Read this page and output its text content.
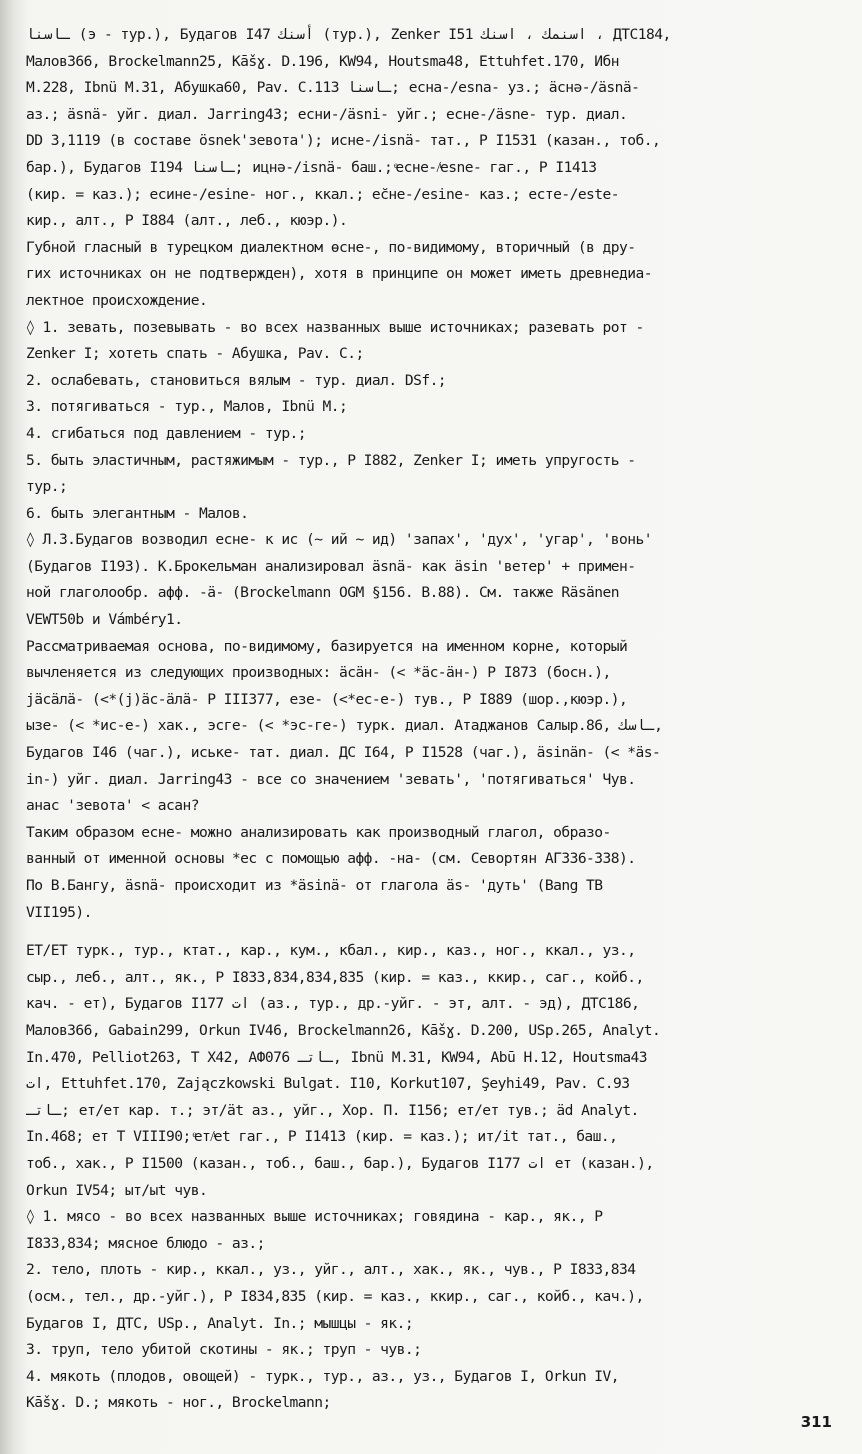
ـاسنا (э - тур.), Будагов I47 أسنك (тур.), Zenker I51 اسنمك ، اسنك ، ДТС184,
Малов366, Brockelmann25, Kāšɣ. D.196, KW94, Houtsma48, Ettuhfet.170, Ибн
M.228, Ibnü M.31, Абушка60, Pav. C.113 ـاسنا; есна-/esna- уз.; äснә-/äsnä-
аз.; äsnä- уйг. диал. Jarring43; есни-/äsni- уйг.; есне-/äsne- тур. диал.
DD 3,1119 (в составе ösnek'зевота'); исне-/isnä- тат., P I1531 (казан., тоб.,
бар.), Будагов I194 ـاسنا; ицнә-/isnä- баш.; ͤесне-/ͥesne- гаг., P I1413
(кир. = каз.); есине-/esine- ног., ккал.; ес̆не-/esi̇ne- каз.; есте-/este-
кир., алт., P I884 (алт., леб., кюэр.).
Губной гласный в турецком диалектном өсне-, по-видимому, вторичный (в дру-
гих источниках он не подтвержден), хотя в принципе он может иметь древнедиа-
лектное происхождение.
◊ 1. зевать, позевывать - во всех названных выше источниках; разевать рот -
Zenker I; хотеть спать - Абушка, Pav. C.;
2. ослабевать, становиться вялым - тур. диал. DSf.;
3. потягиваться - тур., Малов, Ibnü M.;
4. сгибаться под давлением - тур.;
5. быть эластичным, растяжимым - тур., P I882, Zenker I; иметь упругость -
тур.;
6. быть элегантным - Малов.
◊ Л.З.Будагов возводил есне- к ис (~ ий ~ ид) 'запах', 'дух', 'угар', 'вонь'
(Будагов I193). К.Брокельман анализировал äsnä- как äsin 'ветер' + примен-
ной глаголообр. афф. -ä- (Brockelmann OGM §156. В.88). См. также Räsänen
VEWT50b и Vámbéry1.
Рассматриваемая основа, по-видимому, базируется на именном корне, который
вычленяется из следующих производных: äсäн- (< *äс-äн-) P I873 (босн.),
јäсäлä- (<*(ј)äс-äлä- P III377, езе- (<*ес-е-) тув., P I889 (шор.,кюэр.),
ызе- (< *ис-е-) хак., эсге- (< *эс-ге-) турк. диал. Атаджанов Салыр.86, ـاسك,
Будагов I46 (чаг.), иське- тат. диал. ДС I64, P I1528 (чаг.), äsinän- (< *äs-
in-) уйг. диал. Jarring43 - все со значением 'зевать', 'потягиваться' Чув.
анас 'зевота' < асан?
Таким образом есне- можно анализировать как производный глагол, образо-
ванный от именной основы *ес с помощью афф. -на- (см. Севортян АГ336-338).
По В.Бангу, äsnä- происходит из *äsinä- от глагола äs- 'дуть' (Bang TB
VII195).
ЕТ/ЕТ турк., тур., ктат., кар., кум., кбал., кир., каз., ног., ккал., уз.,
сыр., леб., алт., як., P I833,834,834,835 (кир. = каз., ккир., саг., койб.,
кач. - ет), Будагов I177 ات (аз., тур., др.-уйг. - эт, алт. - эд), ДТС186,
Малов366, Gabain299, Orkun IV46, Brockelmann26, Kāšɣ. D.200, USp.265, Analyt.
In.470, Pelliot263, T X42, АФ076 ـاتـ, Ibnü M.31, KW94, Abū H.12, Houtsma43
ات, Ettuhfet.170, Zajączkowski Bulgat. I10, Korkut107, Şeyhi49, Pav. C.93
ـاتـ; ет/ет кар. т.; эт/ät аз., уйг., Хор. П. I156; ет/ет тув.; äd Analyt.
In.468; ет T VIII90; ͤет/ͥet гаг., P I1413 (кир. = каз.); ит/it тат., баш.,
тоб., хак., P I1500 (казан., тоб., баш., бар.), Будагов I177 ات ет (казан.),
Orkun IV54; ыт/ыt чув.
◊ 1. мясо - во всех названных выше источниках; говядина - кар., як., P
I833,834; мясное блюдо - аз.;
2. тело, плоть - кир., ккал., уз., уйг., алт., хак., як., чув., P I833,834
(осм., тел., др.-уйг.), P I834,835 (кир. = каз., ккир., саг., койб., кач.),
Будагов I, ДТС, USp., Analyt. In.; мышцы - як.;
3. труп, тело убитой скотины - як.; труп - чув.;
4. мякоть (плодов, овощей) - турк., тур., аз., уз., Будагов I, Orkun IV,
Kāšɣ. D.; мякоть - ног., Brockelmann;
311
